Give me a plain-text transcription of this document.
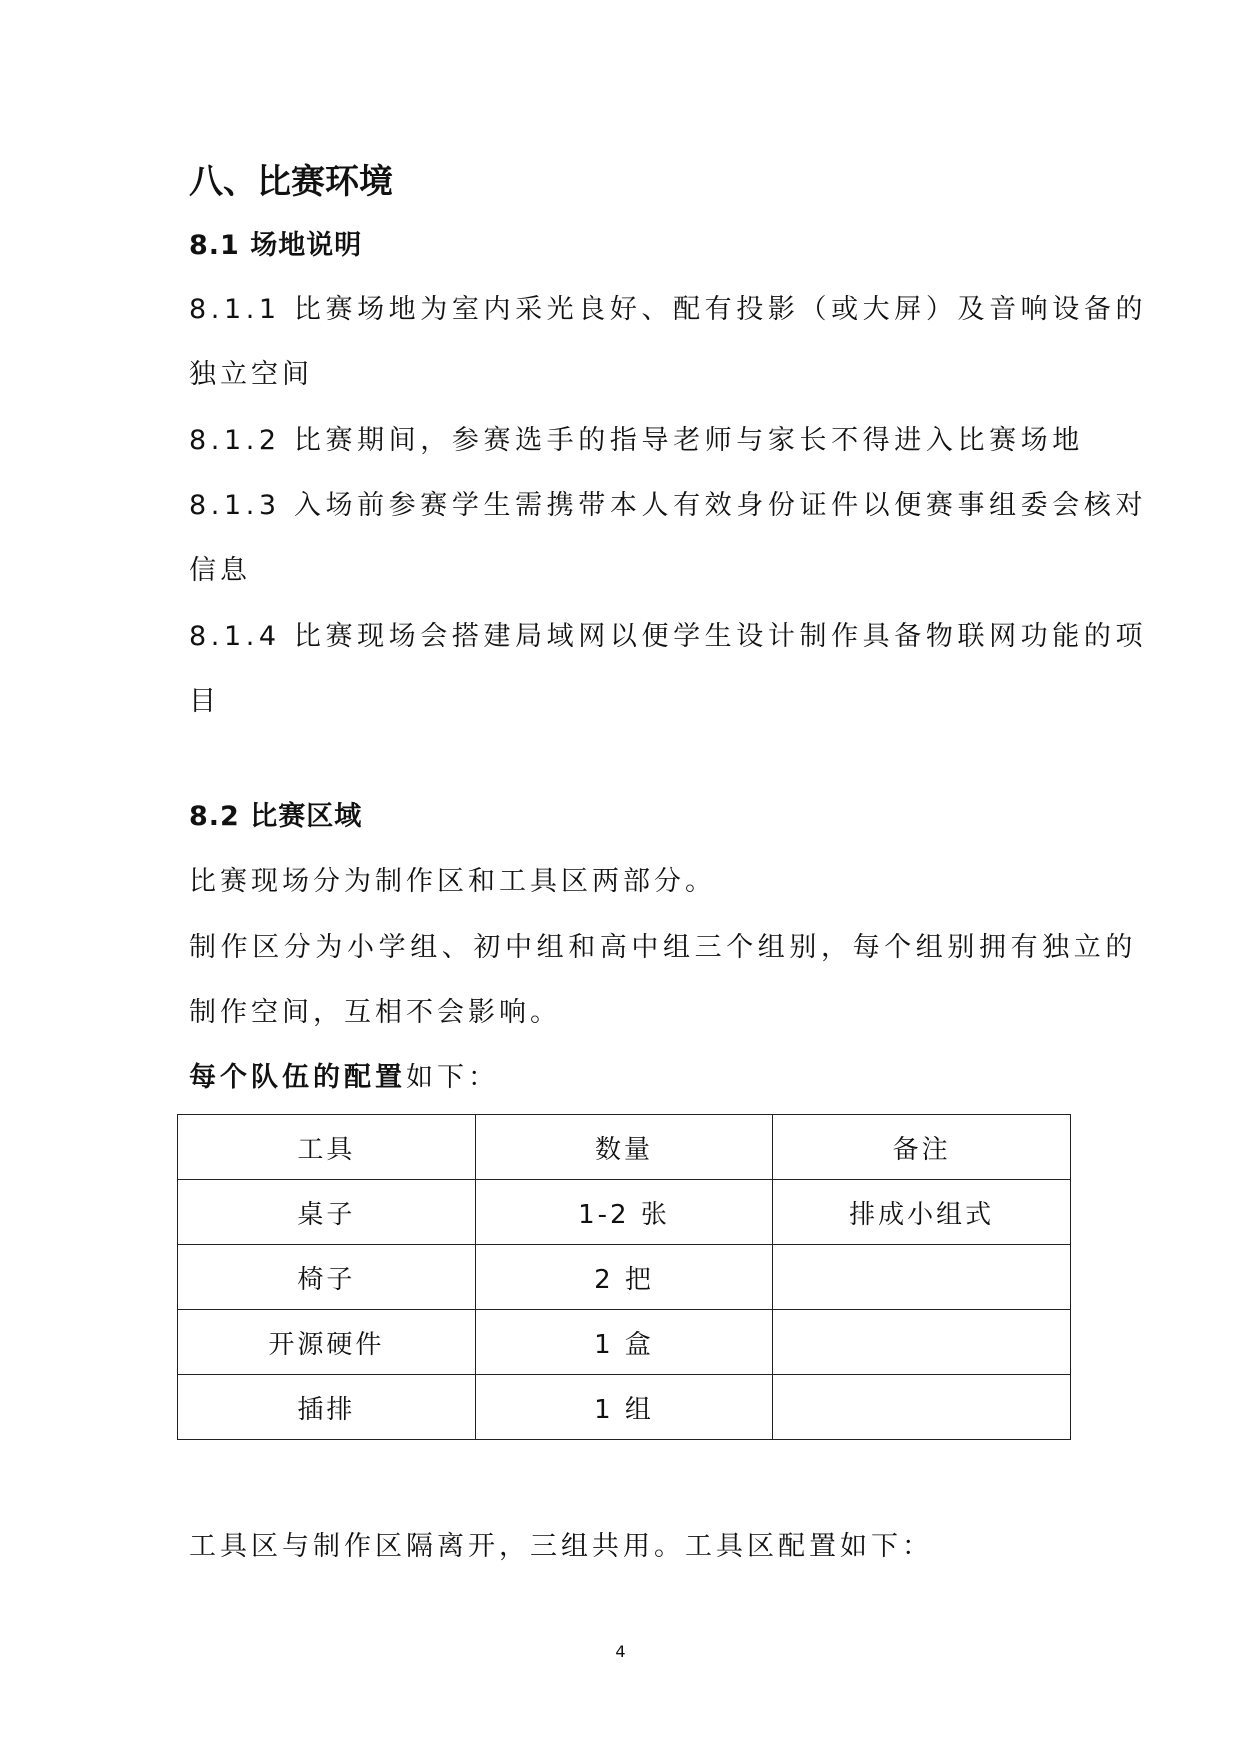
八、比赛环境
8.1 场地说明

8.1.1 比赛场地为室内采光良好、配有投影（或大屏）及音响设备的

独立空间

8.1.2 比赛期间，参赛选手的指导老师与家长不得进入比赛场地

8.1.3 入场前参赛学生需携带本人有效身份证件以便赛事组委会核对

信息

8.1.4 比赛现场会搭建局域网以便学生设计制作具备物联网功能的项

目

8.2 比赛区域

比赛现场分为制作区和工具区两部分。

制作区分为小学组、初中组和高中组三个组别，每个组别拥有独立的

制作空间，互相不会影响。

每个队伍的配置如下：

工具	数量	备注
桌子	1-2 张	排成小组式
椅子	2 把	
开源硬件	1 盒	
插排	1 组	

工具区与制作区隔离开，三组共用。工具区配置如下：

4
